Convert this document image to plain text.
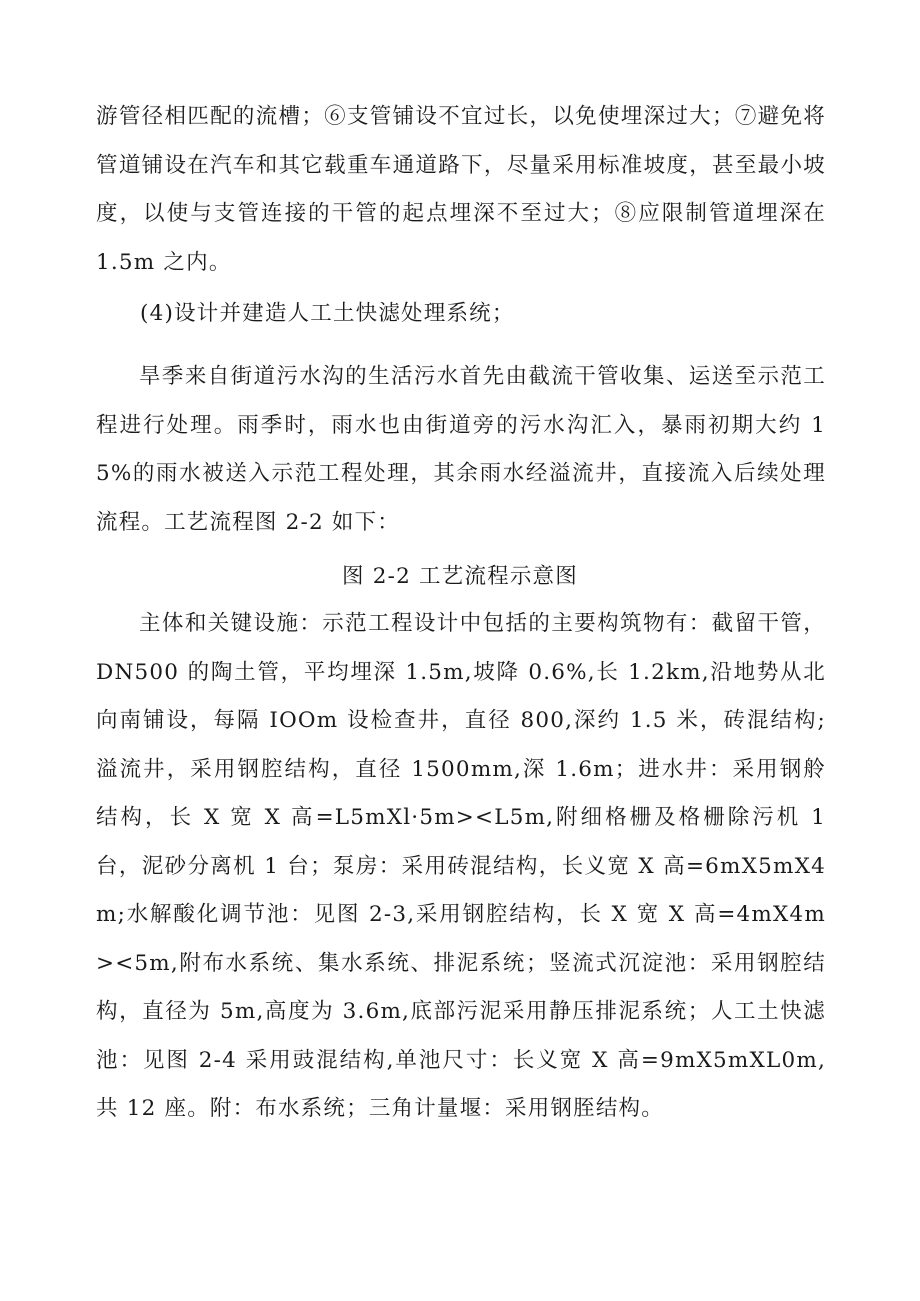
游管径相匹配的流槽；⑥支管铺设不宜过长，以免使埋深过大；⑦避免将管道铺设在汽车和其它载重车通道路下，尽量采用标准坡度，甚至最小坡度，以使与支管连接的干管的起点埋深不至过大；⑧应限制管道埋深在 1.5m 之内。

(4)设计并建造人工土快滤处理系统；

旱季来自街道污水沟的生活污水首先由截流干管收集、运送至示范工程进行处理。雨季时，雨水也由街道旁的污水沟汇入，暴雨初期大约 15%的雨水被送入示范工程处理，其余雨水经溢流井，直接流入后续处理流程。工艺流程图 2-2 如下：

图 2-2 工艺流程示意图

主体和关键设施：示范工程设计中包括的主要构筑物有：截留干管，DN500 的陶土管，平均埋深 1.5m,坡降 0.6%,长 1.2km,沿地势从北向南铺设，每隔 IOOm 设检查井，直径 800,深约 1.5 米，砖混结构; 溢流井，采用钢腔结构，直径 1500mm,深 1.6m；进水井：采用钢舲结构，长 X 宽 X 高=L5mXl·5m><L5m,附细格栅及格栅除污机 1 台，泥砂分离机 1 台；泵房：采用砖混结构，长义宽 X 高=6mX5mX4m;水解酸化调节池：见图 2-3,采用钢腔结构，长 X 宽 X 高=4mX4m><5m,附布水系统、集水系统、排泥系统；竖流式沉淀池：采用钢腔结构，直径为 5m,高度为 3.6m,底部污泥采用静压排泥系统；人工土快滤池：见图 2-4 采用豉混结构,单池尺寸：长义宽 X 高=9mX5mXL0m,共 12 座。附：布水系统；三角计量堰：采用钢胵结构。
